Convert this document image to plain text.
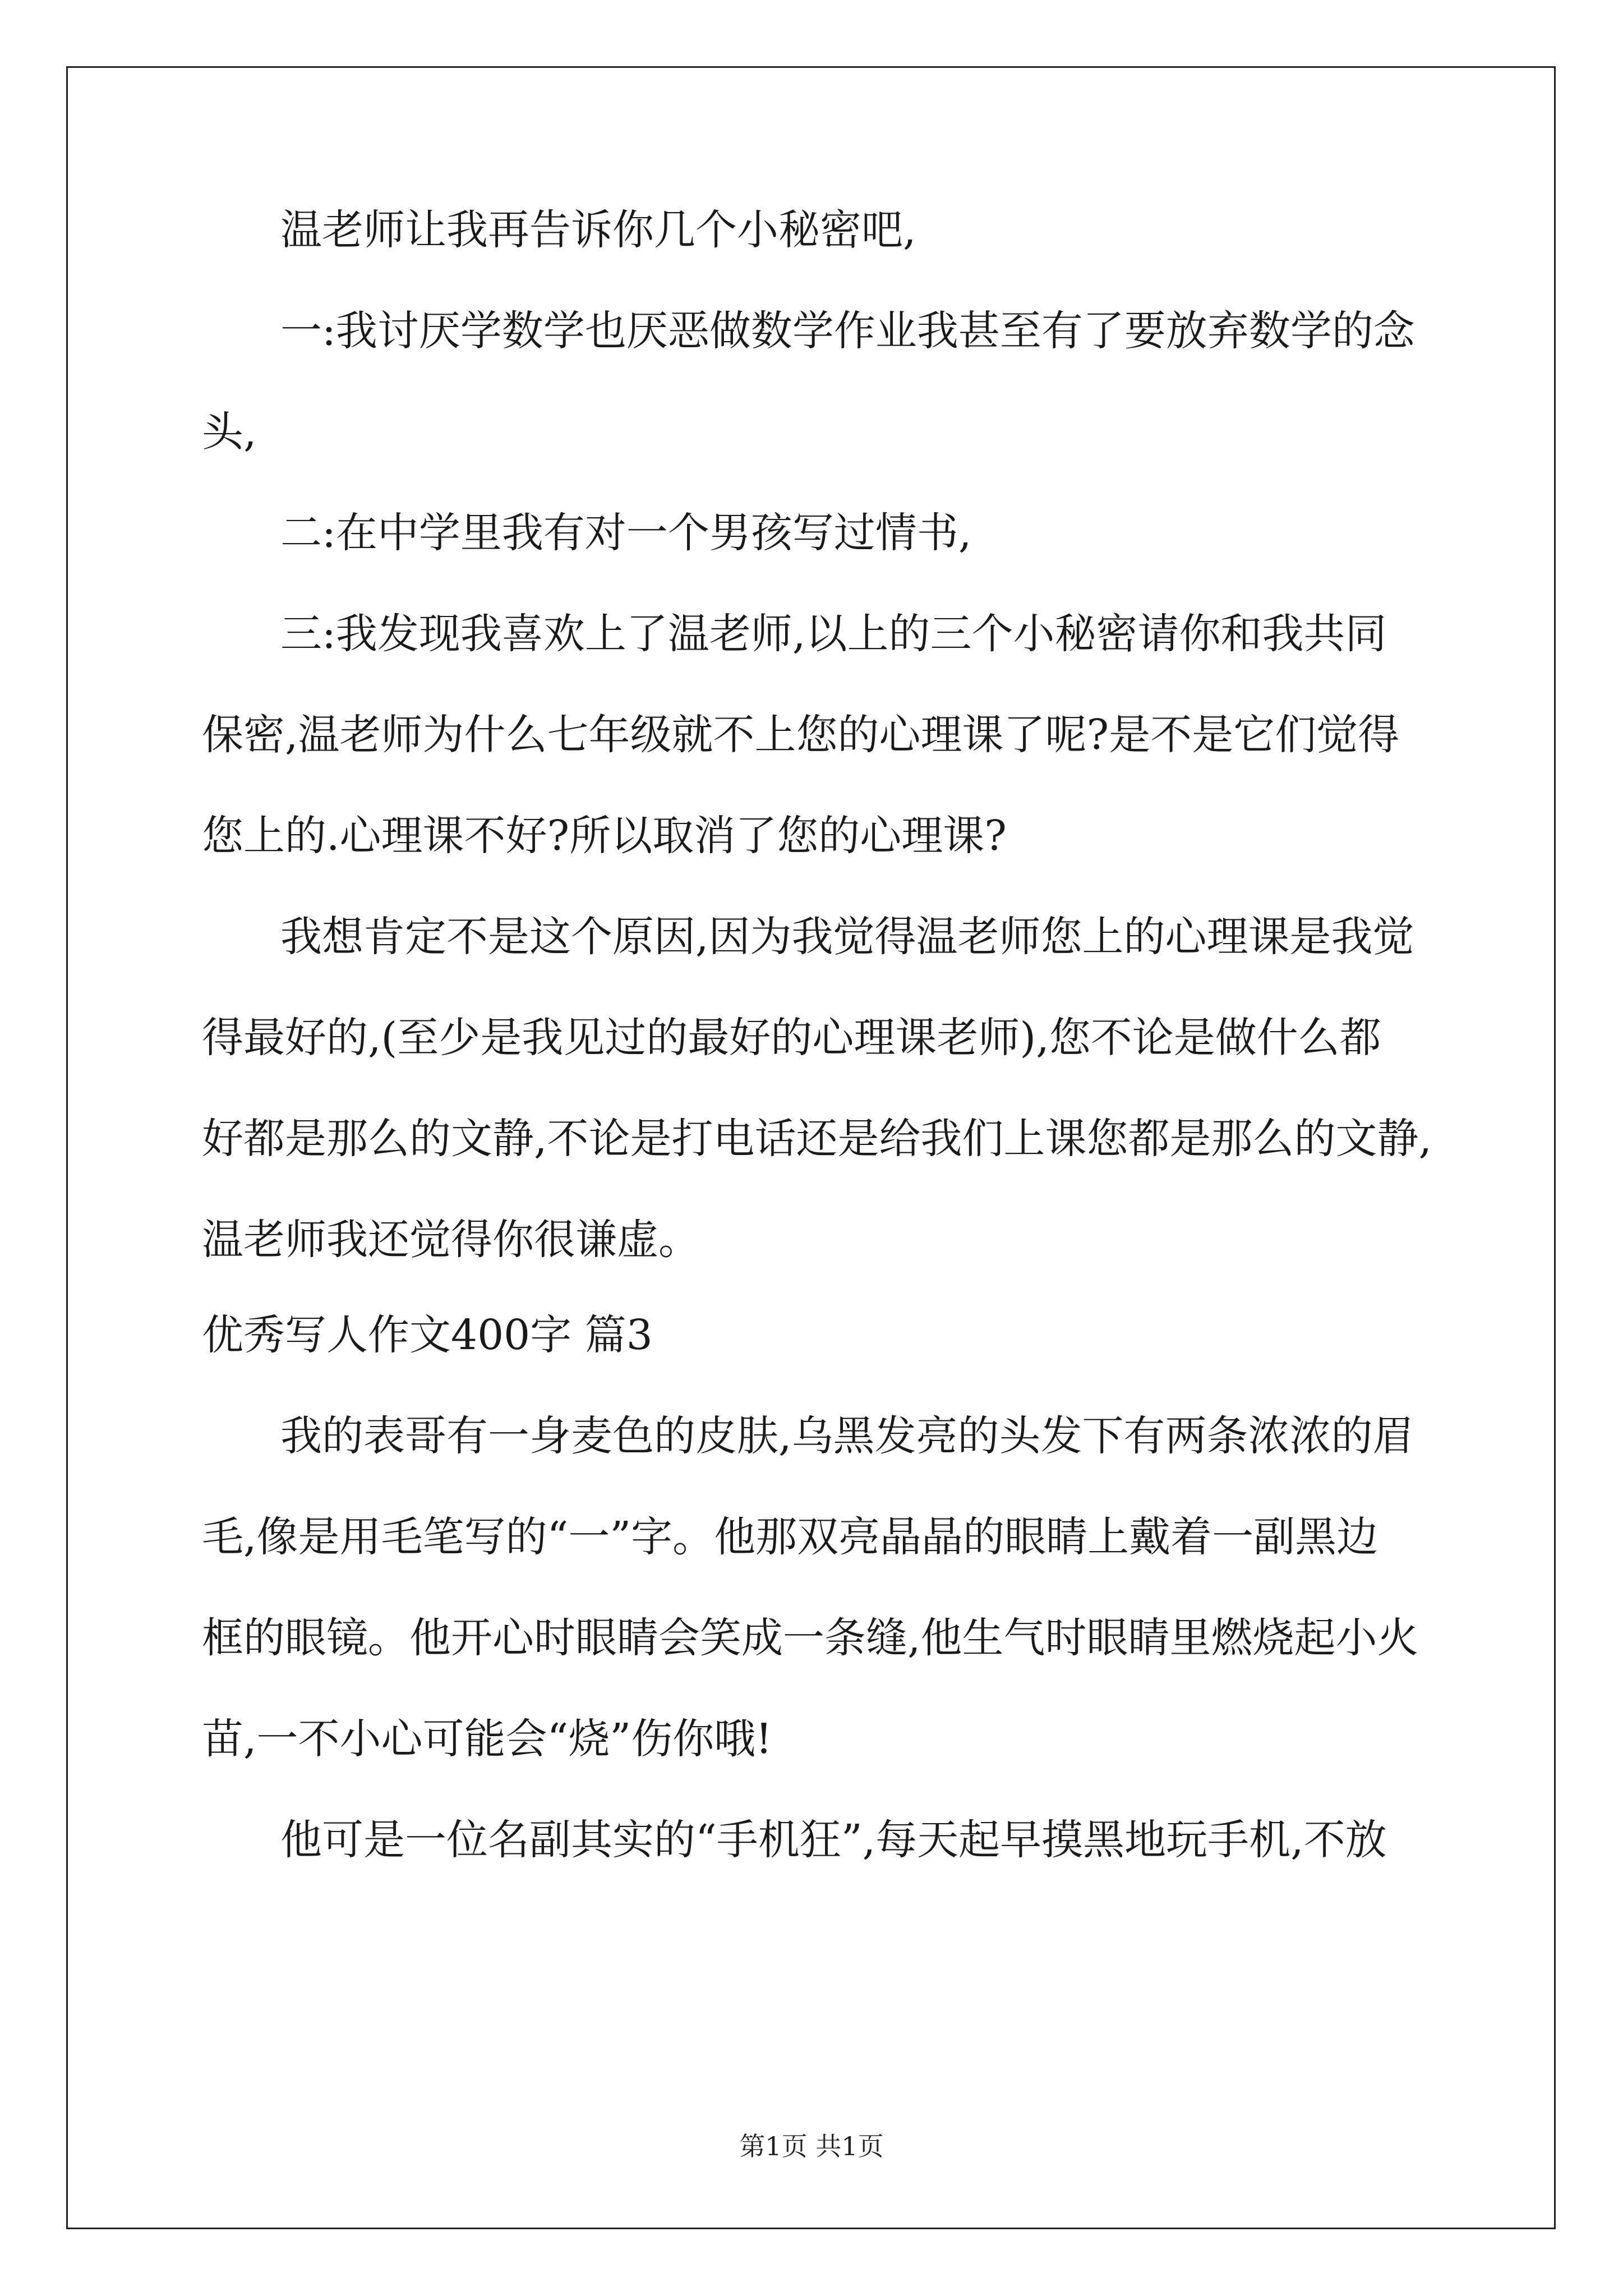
温老师让我再告诉你几个小秘密吧,
一:我讨厌学数学也厌恶做数学作业我甚至有了要放弃数学的念
头,
二:在中学里我有对一个男孩写过情书,
三:我发现我喜欢上了温老师,以上的三个小秘密请你和我共同
保密,温老师为什么七年级就不上您的心理课了呢?是不是它们觉得
您上的.心理课不好?所以取消了您的心理课?
我想肯定不是这个原因,因为我觉得温老师您上的心理课是我觉
得最好的,(至少是我见过的最好的心理课老师),您不论是做什么都
好都是那么的文静,不论是打电话还是给我们上课您都是那么的文静,
温老师我还觉得你很谦虚。
优秀写人作文400字 篇3
我的表哥有一身麦色的皮肤,乌黑发亮的头发下有两条浓浓的眉
毛,像是用毛笔写的“一”字。他那双亮晶晶的眼睛上戴着一副黑边
框的眼镜。他开心时眼睛会笑成一条缝,他生气时眼睛里燃烧起小火
苗,一不小心可能会“烧”伤你哦!
他可是一位名副其实的“手机狂”,每天起早摸黑地玩手机,不放
第1页 共1页
